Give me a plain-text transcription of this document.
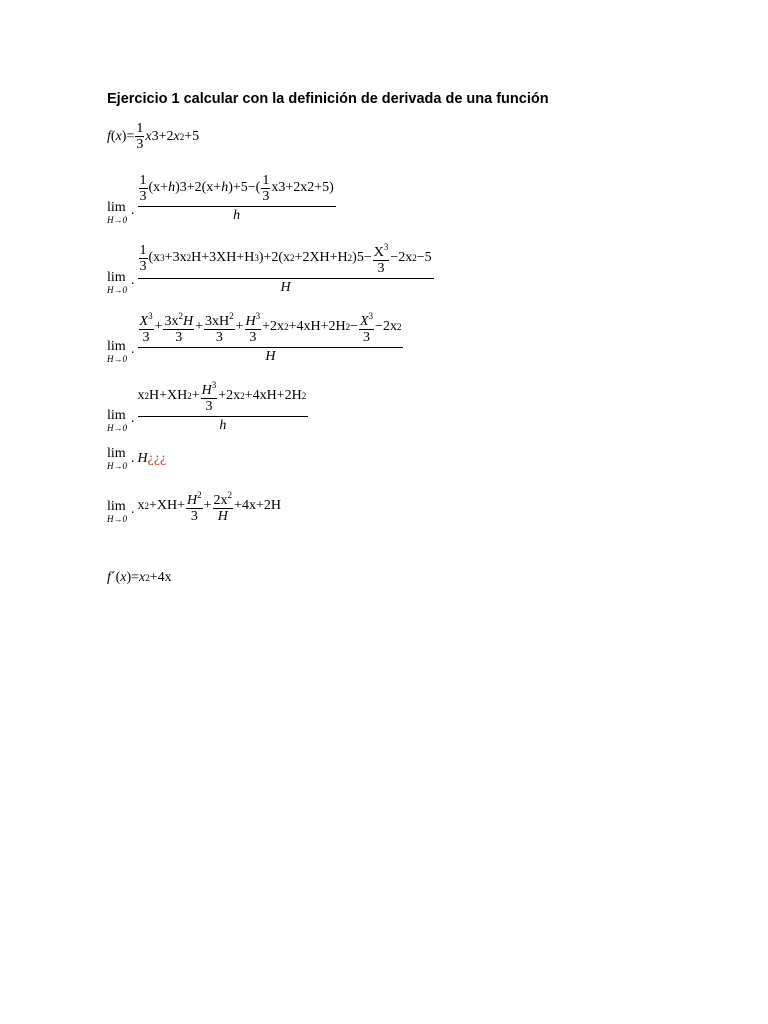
Ejercicio 1 calcular con la definición de derivada de una función
f ( x ) = $\frac{1}{3}$ x 3+2 x 2 +5
lim
H→0
.
$\frac{1}{3} (x+ h$ )3+2(x+ h )$+5-( \frac{1}{3} x3+2x2+5)$
h
lim
H→0
.
$\frac{1}{3} (x$ 3 +3x 2 H+3XH+H 3 )+2(x 2 +2XH+H 2 )$5- \frac{X^3}{3} -2x$ 2 −5
H
lim
H→0
.
$\frac{X^3}{3} + \frac{3x^2H}{3} + \frac{3xH^2}{3} + \frac{H^3}{3} +2x$ 2 +4xH+2H $2 - \frac{X^3}{3} -2x$ 2
H
lim
H→0
.
x 2 H+XH $2 + \frac{H^3}{3} +2x$ 2 +4xH+2H 2
h
lim
H→0 . H ¿¿¿
lim
H→0
. x $2 +XH+ \frac{H^2}{3} + \frac{2x^2}{H} +4x+2H$
f ´ ( x ) = x 2 +4x
